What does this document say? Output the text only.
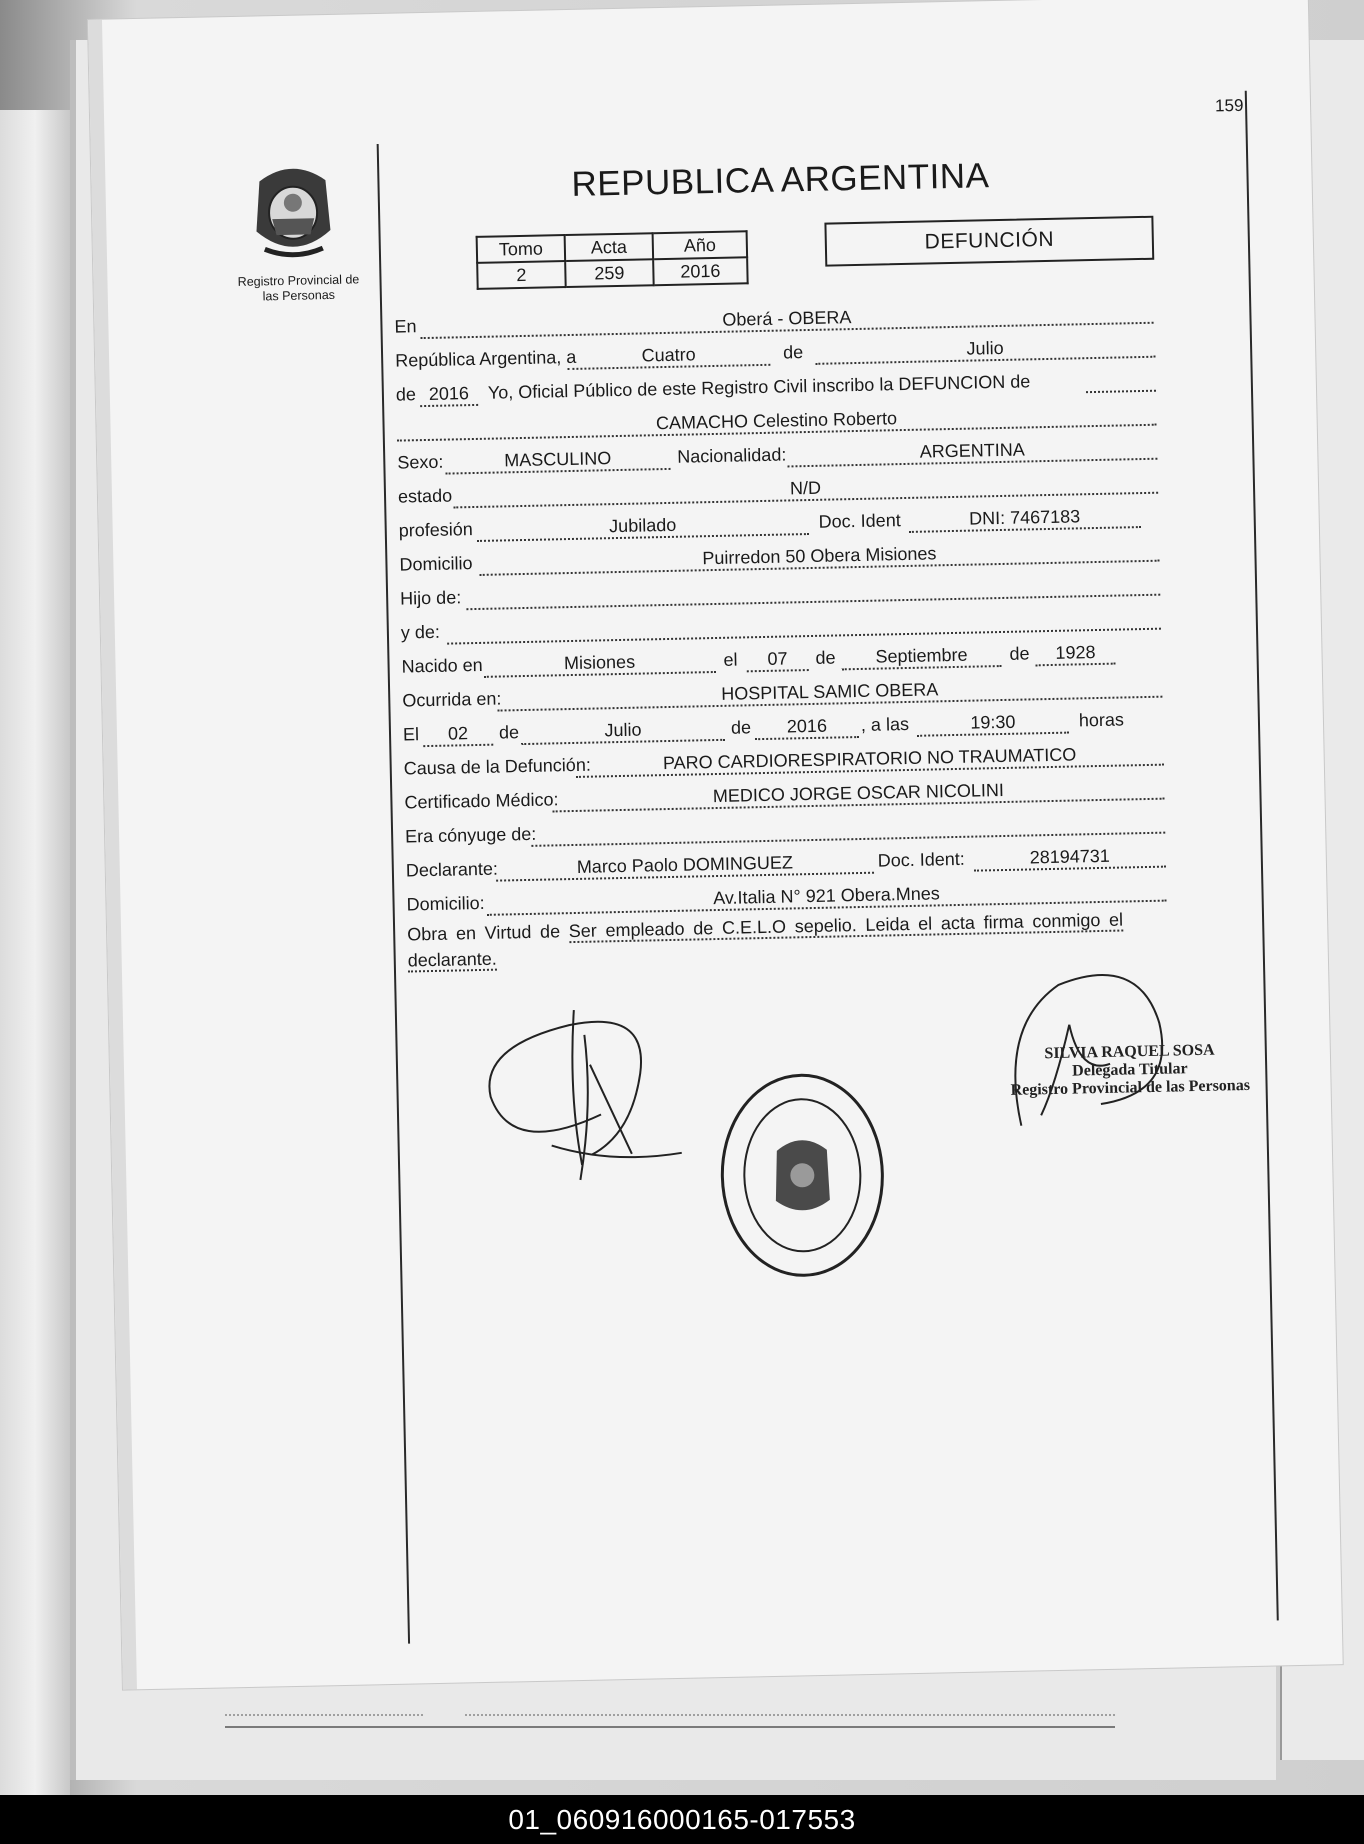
159
Registro Provincial de
las Personas
REPUBLICA ARGENTINA
Tomo	Acta	Año
2	259	2016
DEFUNCIÓN
En	Oberá - OBERA
República Argentina, a	Cuatro	de	Julio
de 2016	Yo, Oficial Público de este Registro Civil inscribo la DEFUNCION de
CAMACHO Celestino Roberto
Sexo:	MASCULINO	Nacionalidad:	ARGENTINA
estado	N/D
profesión	Jubilado	Doc. Ident	DNI: 7467183
Domicilio	Puirredon 50 Obera Misiones
Hijo de:
y de:
Nacido en	Misiones	el	07	de	Septiembre	de	1928
Ocurrida en:	HOSPITAL SAMIC OBERA
El	02	de	Julio	de	2016	, a las	19:30	horas
Causa de la Defunción:	PARO CARDIORESPIRATORIO NO TRAUMATICO
Certificado Médico:	MEDICO JORGE OSCAR NICOLINI
Era cónyuge de:
Declarante:	Marco Paolo DOMINGUEZ	Doc. Ident:	28194731
Domicilio:	Av.Italia N° 921 Obera.Mnes
Obra en Virtud de Ser empleado de C.E.L.O sepelio. Leida el acta firma conmigo el declarante.
SILVIA RAQUEL SOSA
Delegada Titular
Registro Provincial de las Personas
01_060916000165-017553
